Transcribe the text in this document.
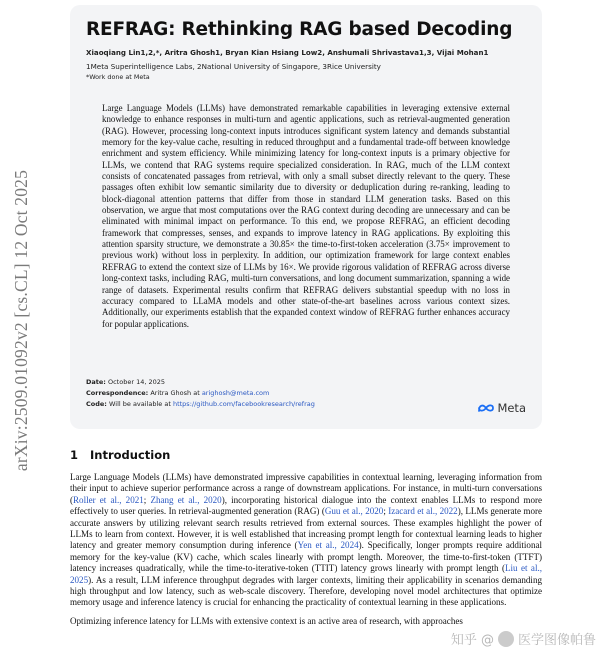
arXiv:2509.01092v2 [cs.CL] 12 Oct 2025
REFRAG: Rethinking RAG based Decoding
Xiaoqiang Lin1,2,*, Aritra Ghosh1, Bryan Kian Hsiang Low2, Anshumali Shrivastava1,3, Vijai Mohan1
1Meta Superintelligence Labs, 2National University of Singapore, 3Rice University
*Work done at Meta
Large Language Models (LLMs) have demonstrated remarkable capabilities in leveraging extensive external knowledge to enhance responses in multi-turn and agentic applications, such as retrieval-augmented generation (RAG). However, processing long-context inputs introduces significant system latency and demands substantial memory for the key-value cache, resulting in reduced throughput and a fundamental trade-off between knowledge enrichment and system efficiency. While minimizing latency for long-context inputs is a primary objective for LLMs, we contend that RAG systems require specialized consideration. In RAG, much of the LLM context consists of concatenated passages from retrieval, with only a small subset directly relevant to the query. These passages often exhibit low semantic similarity due to diversity or deduplication during re-ranking, leading to block-diagonal attention patterns that differ from those in standard LLM generation tasks. Based on this observation, we argue that most computations over the RAG context during decoding are unnecessary and can be eliminated with minimal impact on performance. To this end, we propose REFRAG, an efficient decoding framework that compresses, senses, and expands to improve latency in RAG applications. By exploiting this attention sparsity structure, we demonstrate a 30.85× the time-to-first-token acceleration (3.75× improvement to previous work) without loss in perplexity. In addition, our optimization framework for large context enables REFRAG to extend the context size of LLMs by 16×. We provide rigorous validation of REFRAG across diverse long-context tasks, including RAG, multi-turn conversations, and long document summarization, spanning a wide range of datasets. Experimental results confirm that REFRAG delivers substantial speedup with no loss in accuracy compared to LLaMA models and other state-of-the-art baselines across various context sizes. Additionally, our experiments establish that the expanded context window of REFRAG further enhances accuracy for popular applications.
Date: October 14, 2025
Correspondence: Aritra Ghosh at arighosh@meta.com
Code: Will be available at https://github.com/facebookresearch/refrag	Meta
1 Introduction

Large Language Models (LLMs) have demonstrated impressive capabilities in contextual learning, leveraging information from their input to achieve superior performance across a range of downstream applications. For instance, in multi-turn conversations (Roller et al., 2021; Zhang et al., 2020), incorporating historical dialogue into the context enables LLMs to respond more effectively to user queries. In retrieval-augmented generation (RAG) (Guu et al., 2020; Izacard et al., 2022), LLMs generate more accurate answers by utilizing relevant search results retrieved from external sources. These examples highlight the power of LLMs to learn from context. However, it is well established that increasing prompt length for contextual learning leads to higher latency and greater memory consumption during inference (Yen et al., 2024). Specifically, longer prompts require additional memory for the key-value (KV) cache, which scales linearly with prompt length. Moreover, the time-to-first-token (TTFT) latency increases quadratically, while the time-to-iterative-token (TTIT) latency grows linearly with prompt length (Liu et al., 2025). As a result, LLM inference throughput degrades with larger contexts, limiting their applicability in scenarios demanding high throughput and low latency, such as web-scale discovery. Therefore, developing novel model architectures that optimize memory usage and inference latency is crucial for enhancing the practicality of contextual learning in these applications.

Optimizing inference latency for LLMs with extensive context is an active area of research, with approaches

知乎 @ 医学图像帕鲁
